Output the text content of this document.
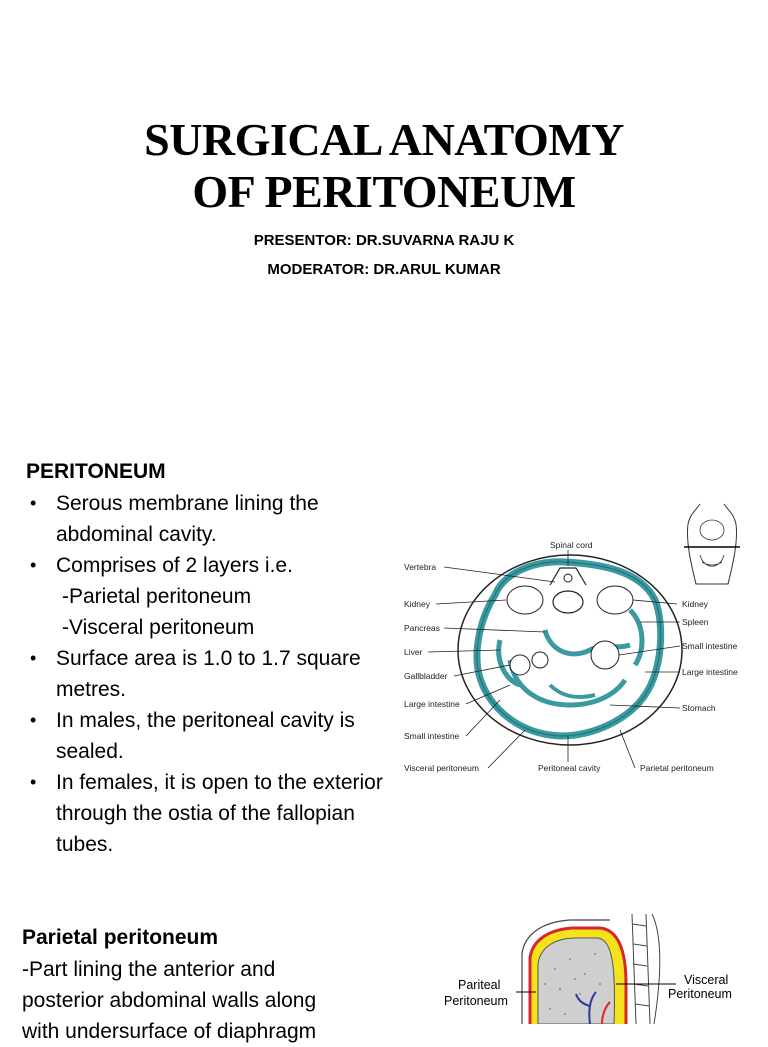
SURGICAL ANATOMY
OF PERITONEUM
PRESENTOR: DR.SUVARNA RAJU K
MODERATOR: DR.ARUL KUMAR
PERITONEUM
• Serous membrane lining the
abdominal cavity.
• Comprises of 2 layers i.e.
-Parietal peritoneum
-Visceral peritoneum
• Surface area is 1.0 to 1.7 square
metres.
• In males, the peritoneal cavity is
sealed.
• In females, it is open to the exterior
through the ostia of the fallopian
tubes.
Spinal cord
Vertebra
Kidney
Pancreas
Liver
Gallbladder
Large intestine
Small intestine
Visceral peritoneum	Peritoneal cavity	Parietal peritoneum
Kidney
Spleen
Small intestine
Large intestine
Stomach
Parietal peritoneum
-Part lining the anterior and
posterior abdominal walls along
with undersurface of diaphragm
Pariteal
Peritoneum
Visceral
Peritoneum
